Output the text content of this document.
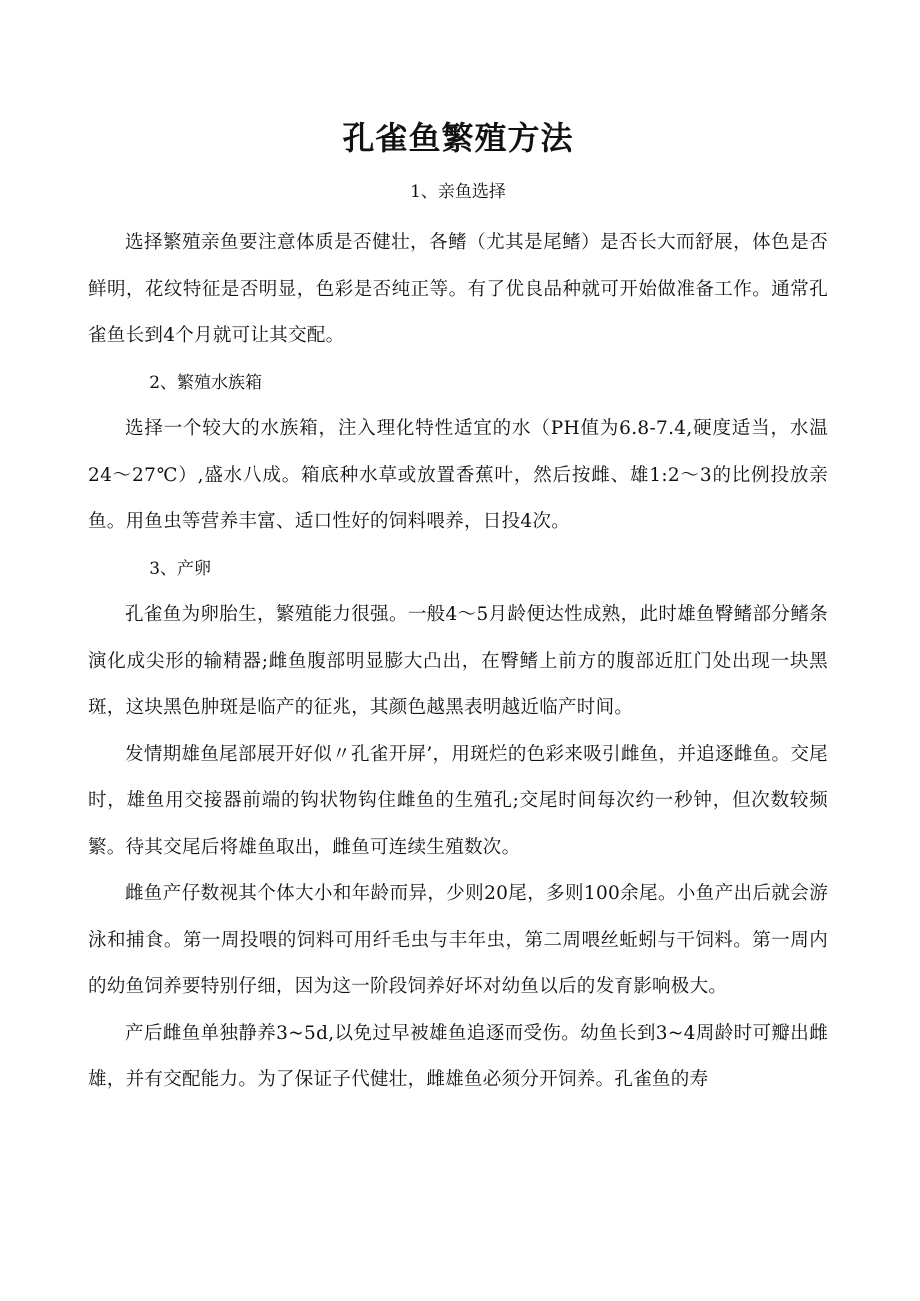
孔雀鱼繁殖方法

1、亲鱼选择

选择繁殖亲鱼要注意体质是否健壮，各鳍（尤其是尾鳍）是否长大而舒展，体色是否鲜明，花纹特征是否明显，色彩是否纯正等。有了优良品种就可开始做准备工作。通常孔雀鱼长到4个月就可让其交配。

2、繁殖水族箱

选择一个较大的水族箱，注入理化特性适宜的水（PH值为6.8-7.4,硬度适当，水温24～27℃）,盛水八成。箱底种水草或放置香蕉叶，然后按雌、雄1:2～3的比例投放亲鱼。用鱼虫等营养丰富、适口性好的饲料喂养，日投4次。

3、产卵

孔雀鱼为卵胎生，繁殖能力很强。一般4～5月龄便达性成熟，此时雄鱼臀鳍部分鳍条演化成尖形的输精器;雌鱼腹部明显膨大凸出，在臀鳍上前方的腹部近肛门处出现一块黑斑，这块黑色肿斑是临产的征兆，其颜色越黑表明越近临产时间。

发情期雄鱼尾部展开好似〃孔雀开屏’，用斑烂的色彩来吸引雌鱼，并追逐雌鱼。交尾时，雄鱼用交接器前端的钩状物钩住雌鱼的生殖孔;交尾时间每次约一秒钟，但次数较频繁。待其交尾后将雄鱼取出，雌鱼可连续生殖数次。

雌鱼产仔数视其个体大小和年龄而异，少则20尾，多则100余尾。小鱼产出后就会游泳和捕食。第一周投喂的饲料可用纤毛虫与丰年虫，第二周喂丝蚯蚓与干饲料。第一周内的幼鱼饲养要特别仔细，因为这一阶段饲养好坏对幼鱼以后的发育影响极大。

产后雌鱼单独静养3~5d,以免过早被雄鱼追逐而受伤。幼鱼长到3~4周龄时可瓣出雌雄，并有交配能力。为了保证子代健壮，雌雄鱼必须分开饲养。孔雀鱼的寿
